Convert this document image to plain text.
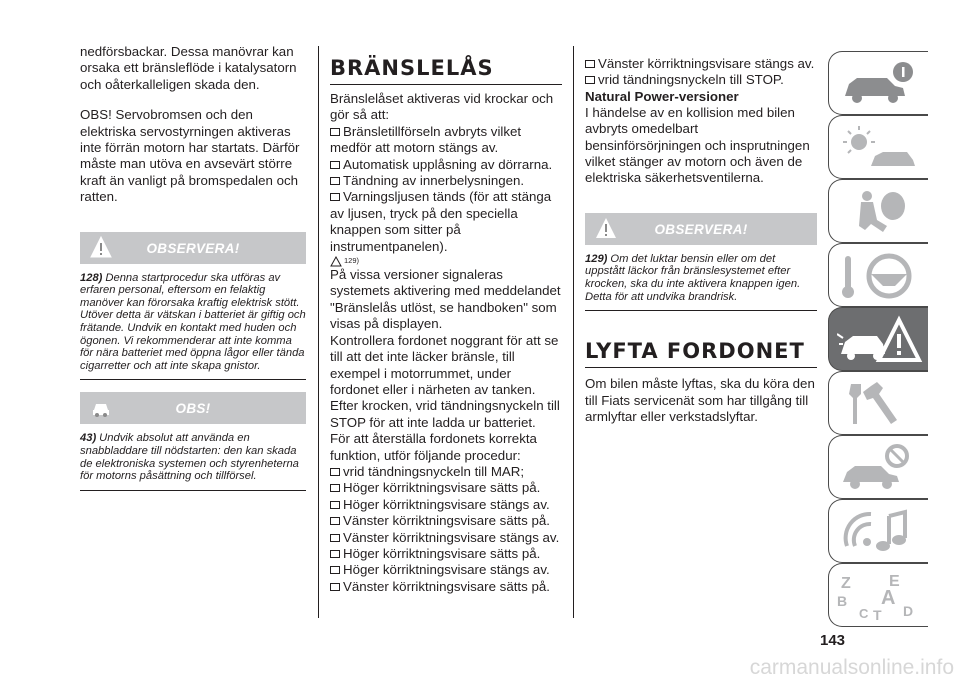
nedförsbackar. Dessa manövrar kan orsaka ett bränsleflöde i katalysatorn och oåterkalleligen skada den.

OBS! Servobromsen och den elektriska servostyrningen aktiveras inte förrän motorn har startats. Därför måste man utöva en avsevärt större kraft än vanligt på bromspedalen och ratten.

OBSERVERA!
128) Denna startprocedur ska utföras av erfaren personal, eftersom en felaktig manöver kan förorsaka kraftig elektrisk stött. Utöver detta är vätskan i batteriet är giftig och frätande. Undvik en kontakt med huden och ögonen. Vi rekommenderar att inte komma för nära batteriet med öppna lågor eller tända cigarretter och att inte skapa gnistor.
OBS!
43) Undvik absolut att använda en snabbladdare till nödstarten: den kan skada de elektroniska systemen och styrenheterna för motorns påsättning och tillförsel.
BRÄNSLELÅS

Bränslelåset aktiveras vid krockar och gör så att:

Bränsletillförseln avbryts vilket medför att motorn stängs av.
Automatisk upplåsning av dörrarna.
Tändning av innerbelysningen.
Varningsljusen tänds (för att stänga av ljusen, tryck på den speciella knappen som sitter på instrumentpanelen).
129)

På vissa versioner signaleras systemets aktivering med meddelandet "Bränslelås utlöst, se handboken" som visas på displayen.

Kontrollera fordonet noggrant för att se till att det inte läcker bränsle, till exempel i motorrummet, under fordonet eller i närheten av tanken.

Efter krocken, vrid tändningsnyckeln till STOP för att inte ladda ur batteriet.

För att återställa fordonets korrekta funktion, utför följande procedur:

vrid tändningsnyckeln till MAR;
Höger körriktningsvisare sätts på.
Höger körriktningsvisare stängs av.
Vänster körriktningsvisare sätts på.
Vänster körriktningsvisare stängs av.
Höger körriktningsvisare sätts på.
Höger körriktningsvisare stängs av.
Vänster körriktningsvisare sätts på.
Vänster körriktningsvisare stängs av.
vrid tändningsnyckeln till STOP.
Natural Power-versioner

I händelse av en kollision med bilen avbryts omedelbart bensinförsörjningen och insprutningen vilket stänger av motorn och även de elektriska säkerhetsventilerna.

OBSERVERA!
129) Om det luktar bensin eller om det uppstått läckor från bränslesystemet efter krocken, ska du inte aktivera knappen igen. Detta för att undvika brandrisk.
LYFTA FORDONET

Om bilen måste lyftas, ska du köra den till Fiats servicenät som har tillgång till armlyftar eller verkstadslyftar.

Z E
B A
C T D
143
carmanualsonline.info
